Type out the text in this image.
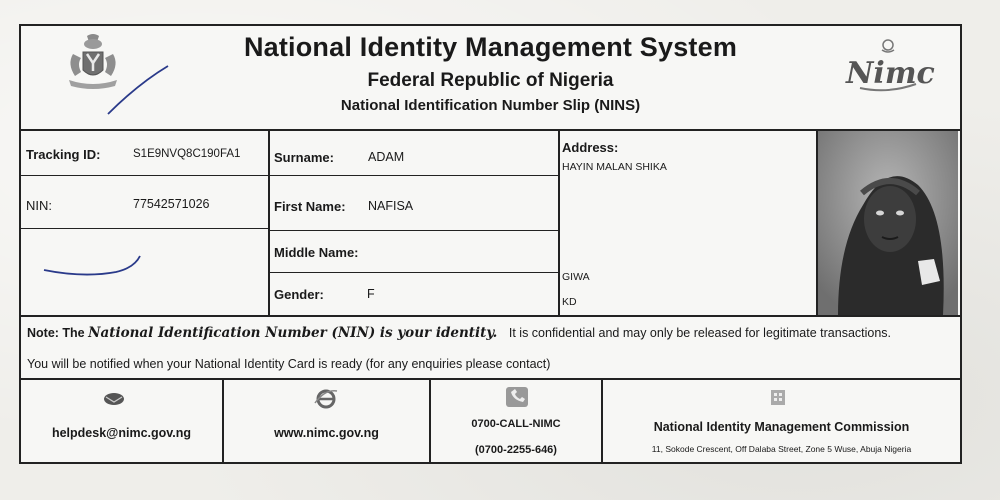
National Identity Management System
Federal Republic of Nigeria
National Identification Number Slip (NINS)
Nimc
Tracking ID:	S1E9NVQ8C190FA1
NIN:	77542571026
Surname:	ADAM
First Name: NAFISA
Middle Name:
Gender:	F
Address:
HAYIN MALAN SHIKA
GIWA
KD
Note: The National Identification Number (NIN) is your identity. It is confidential and may only be released for legitimate transactions.
You will be notified when your National Identity Card is ready (for any enquiries please contact)
helpdesk@nimc.gov.ng	www.nimc.gov.ng
0700-CALL-NIMC
(0700-2255-646)
National Identity Management Commission
11, Sokode Crescent, Off Dalaba Street, Zone 5 Wuse, Abuja Nigeria
